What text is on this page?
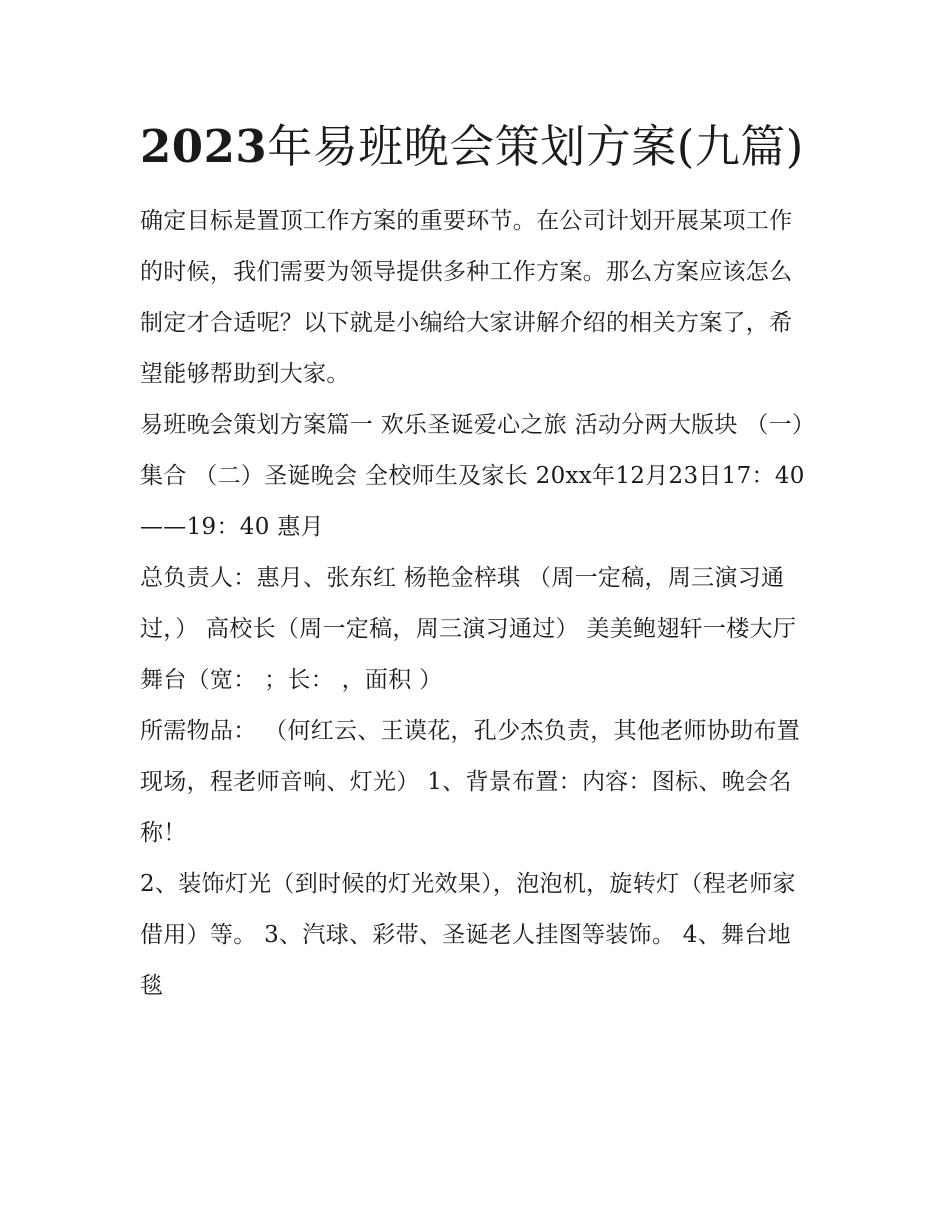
2023年易班晚会策划方案(九篇)

确定目标是置顶工作方案的重要环节。在公司计划开展某项工作的时候，我们需要为领导提供多种工作方案。那么方案应该怎么制定才合适呢？以下就是小编给大家讲解介绍的相关方案了，希望能够帮助到大家。

易班晚会策划方案篇一 欢乐圣诞爱心之旅 活动分两大版块 （一）集合 （二）圣诞晚会 全校师生及家长 20xx年12月23日17：40——19：40 惠月

总负责人：惠月、张东红 杨艳金梓琪 （周一定稿，周三演习通过，） 高校长（周一定稿，周三演习通过） 美美鲍翅轩一楼大厅 舞台（宽： ；长： ，面积 ）

所需物品： （何红云、王谟花，孔少杰负责，其他老师协助布置现场，程老师音响、灯光） 1、背景布置：内容：图标、晚会名称！

2、装饰灯光（到时候的灯光效果），泡泡机，旋转灯（程老师家借用）等。 3、汽球、彩带、圣诞老人挂图等装饰。 4、舞台地毯
